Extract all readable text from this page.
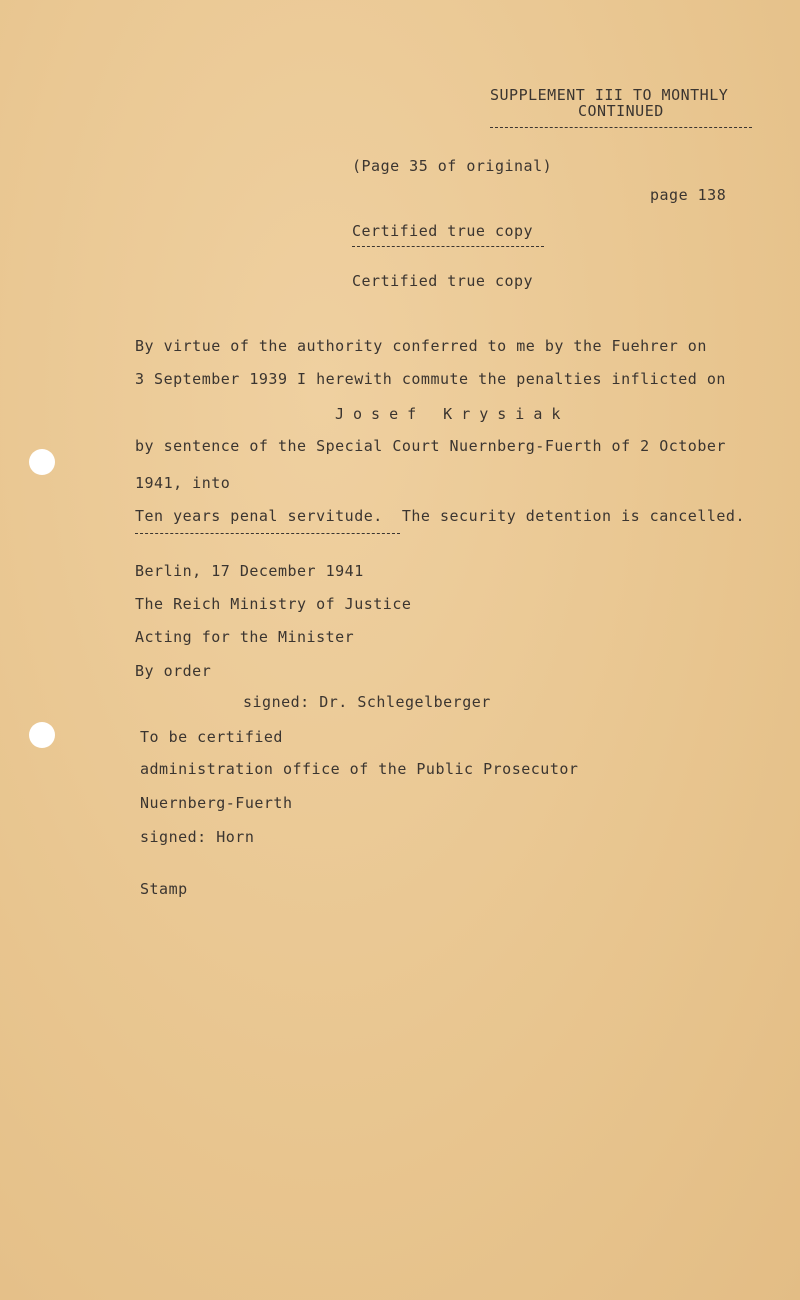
SUPPLEMENT III TO MONTHLY
CONTINUED
(Page 35 of original)
page 138
Certified true copy
Certified true copy
By virtue of the authority conferred to me by the Fuehrer on
3 September 1939 I herewith commute the penalties inflicted on
Josef Krysiak
by sentence of the Special Court Nuernberg-Fuerth of 2 October
1941, into
Ten years penal servitude.  The security detention is cancelled.
Berlin, 17 December 1941
The Reich Ministry of Justice
Acting for the Minister
By order
signed: Dr. Schlegelberger
To be certified
administration office of the Public Prosecutor
Nuernberg-Fuerth
signed: Horn
Stamp
